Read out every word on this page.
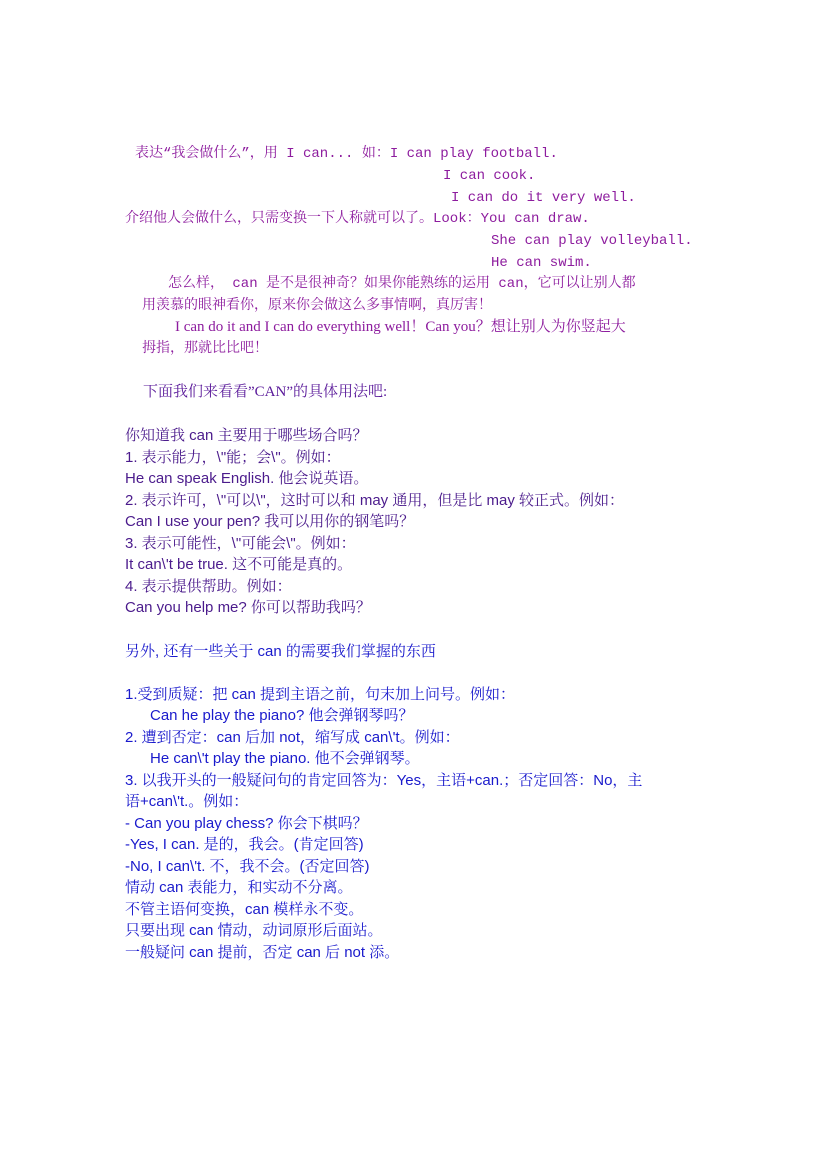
表达“我会做什么”，用 I can... 如：I can play football.
I can cook.
I can do it very well.
介绍他人会做什么，只需变换一下人称就可以了。Look：You can draw.
She can play volleyball.
He can swim.
怎么样， can 是不是很神奇？如果你能熟练的运用 can，它可以让别人都
用羡慕的眼神看你，原来你会做这么多事情啊，真厉害！
I can do it and I can do everything well！Can you？想让别人为你竖起大
拇指，那就比比吧！
下面我们来看看”CAN”的具体用法吧:
你知道我 can 主要用于哪些场合吗？
1. 表示能力，\"能；会\"。例如：
He can speak English. 他会说英语。
2. 表示许可，\"可以\"，这时可以和 may 通用，但是比 may 较正式。例如：
Can I use your pen? 我可以用你的钢笔吗？
3. 表示可能性，\"可能会\"。例如：
It can\'t be true. 这不可能是真的。
4. 表示提供帮助。例如：
Can you help me? 你可以帮助我吗？
另外, 还有一些关于 can 的需要我们掌握的东西
1.受到质疑：把 can 提到主语之前，句末加上问号。例如：
Can he play the piano? 他会弹钢琴吗？
2. 遭到否定：can 后加 not，缩写成 can\'t。例如：
He can\'t play the piano. 他不会弹钢琴。
3. 以我开头的一般疑问句的肯定回答为：Yes，主语+can.；否定回答：No，主
语+can\'t.。例如：
- Can you play chess? 你会下棋吗？
-Yes, I can. 是的，我会。(肯定回答)
-No, I can\'t. 不，我不会。(否定回答)
情动 can 表能力，和实动不分离。
不管主语何变换，can 模样永不变。
只要出现 can 情动，动词原形后面站。
一般疑问 can 提前，否定 can 后 not 添。
